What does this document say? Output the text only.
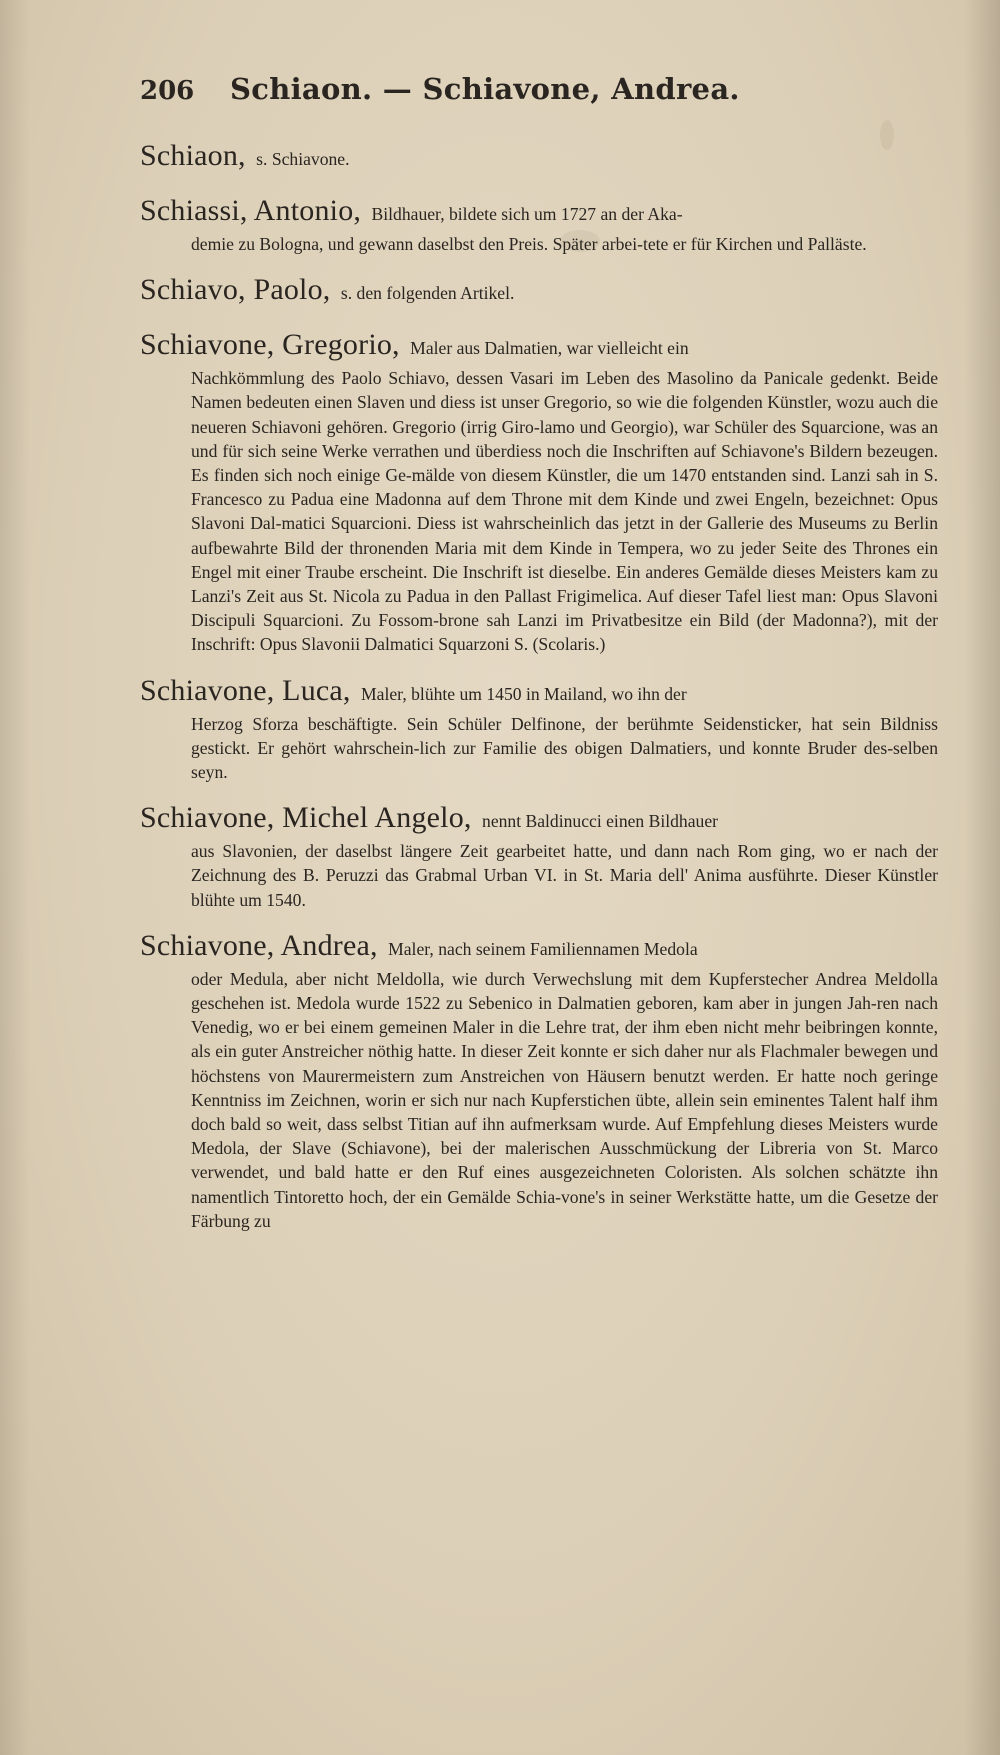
206	Schiaon. — Schiavone, Andrea.
Schiaon, s. Schiavone.
Schiassi, Antonio, Bildhauer, bildete sich um 1727 an der Aka-
demie zu Bologna, und gewann daselbst den Preis. Später arbei-tete er für Kirchen und Palläste.
Schiavo, Paolo, s. den folgenden Artikel.
Schiavone, Gregorio, Maler aus Dalmatien, war vielleicht ein
Nachkömmlung des Paolo Schiavo, dessen Vasari im Leben des Masolino da Panicale gedenkt. Beide Namen bedeuten einen Slaven und diess ist unser Gregorio, so wie die folgenden Künstler, wozu auch die neueren Schiavoni gehören. Gregorio (irrig Giro-lamo und Georgio), war Schüler des Squarcione, was an und für sich seine Werke verrathen und überdiess noch die Inschriften auf Schiavone's Bildern bezeugen. Es finden sich noch einige Ge-mälde von diesem Künstler, die um 1470 entstanden sind. Lanzi sah in S. Francesco zu Padua eine Madonna auf dem Throne mit dem Kinde und zwei Engeln, bezeichnet: Opus Slavoni Dal-matici Squarcioni. Diess ist wahrscheinlich das jetzt in der Gallerie des Museums zu Berlin aufbewahrte Bild der thronenden Maria mit dem Kinde in Tempera, wo zu jeder Seite des Thrones ein Engel mit einer Traube erscheint. Die Inschrift ist dieselbe. Ein anderes Gemälde dieses Meisters kam zu Lanzi's Zeit aus St. Nicola zu Padua in den Pallast Frigimelica. Auf dieser Tafel liest man: Opus Slavoni Discipuli Squarcioni. Zu Fossom-brone sah Lanzi im Privatbesitze ein Bild (der Madonna?), mit der Inschrift: Opus Slavonii Dalmatici Squarzoni S. (Scolaris.)
Schiavone, Luca, Maler, blühte um 1450 in Mailand, wo ihn der
Herzog Sforza beschäftigte. Sein Schüler Delfinone, der berühmte Seidensticker, hat sein Bildniss gestickt. Er gehört wahrschein-lich zur Familie des obigen Dalmatiers, und konnte Bruder des-selben seyn.
Schiavone, Michel Angelo, nennt Baldinucci einen Bildhauer
aus Slavonien, der daselbst längere Zeit gearbeitet hatte, und dann nach Rom ging, wo er nach der Zeichnung des B. Peruzzi das Grabmal Urban VI. in St. Maria dell' Anima ausführte. Dieser Künstler blühte um 1540.
Schiavone, Andrea, Maler, nach seinem Familiennamen Medola
oder Medula, aber nicht Meldolla, wie durch Verwechslung mit dem Kupferstecher Andrea Meldolla geschehen ist. Medola wurde 1522 zu Sebenico in Dalmatien geboren, kam aber in jungen Jah-ren nach Venedig, wo er bei einem gemeinen Maler in die Lehre trat, der ihm eben nicht mehr beibringen konnte, als ein guter Anstreicher nöthig hatte. In dieser Zeit konnte er sich daher nur als Flachmaler bewegen und höchstens von Maurermeistern zum Anstreichen von Häusern benutzt werden. Er hatte noch geringe Kenntniss im Zeichnen, worin er sich nur nach Kupferstichen übte, allein sein eminentes Talent half ihm doch bald so weit, dass selbst Titian auf ihn aufmerksam wurde. Auf Empfehlung dieses Meisters wurde Medola, der Slave (Schiavone), bei der malerischen Ausschmückung der Libreria von St. Marco verwendet, und bald hatte er den Ruf eines ausgezeichneten Coloristen. Als solchen schätzte ihn namentlich Tintoretto hoch, der ein Gemälde Schia-vone's in seiner Werkstätte hatte, um die Gesetze der Färbung zu
